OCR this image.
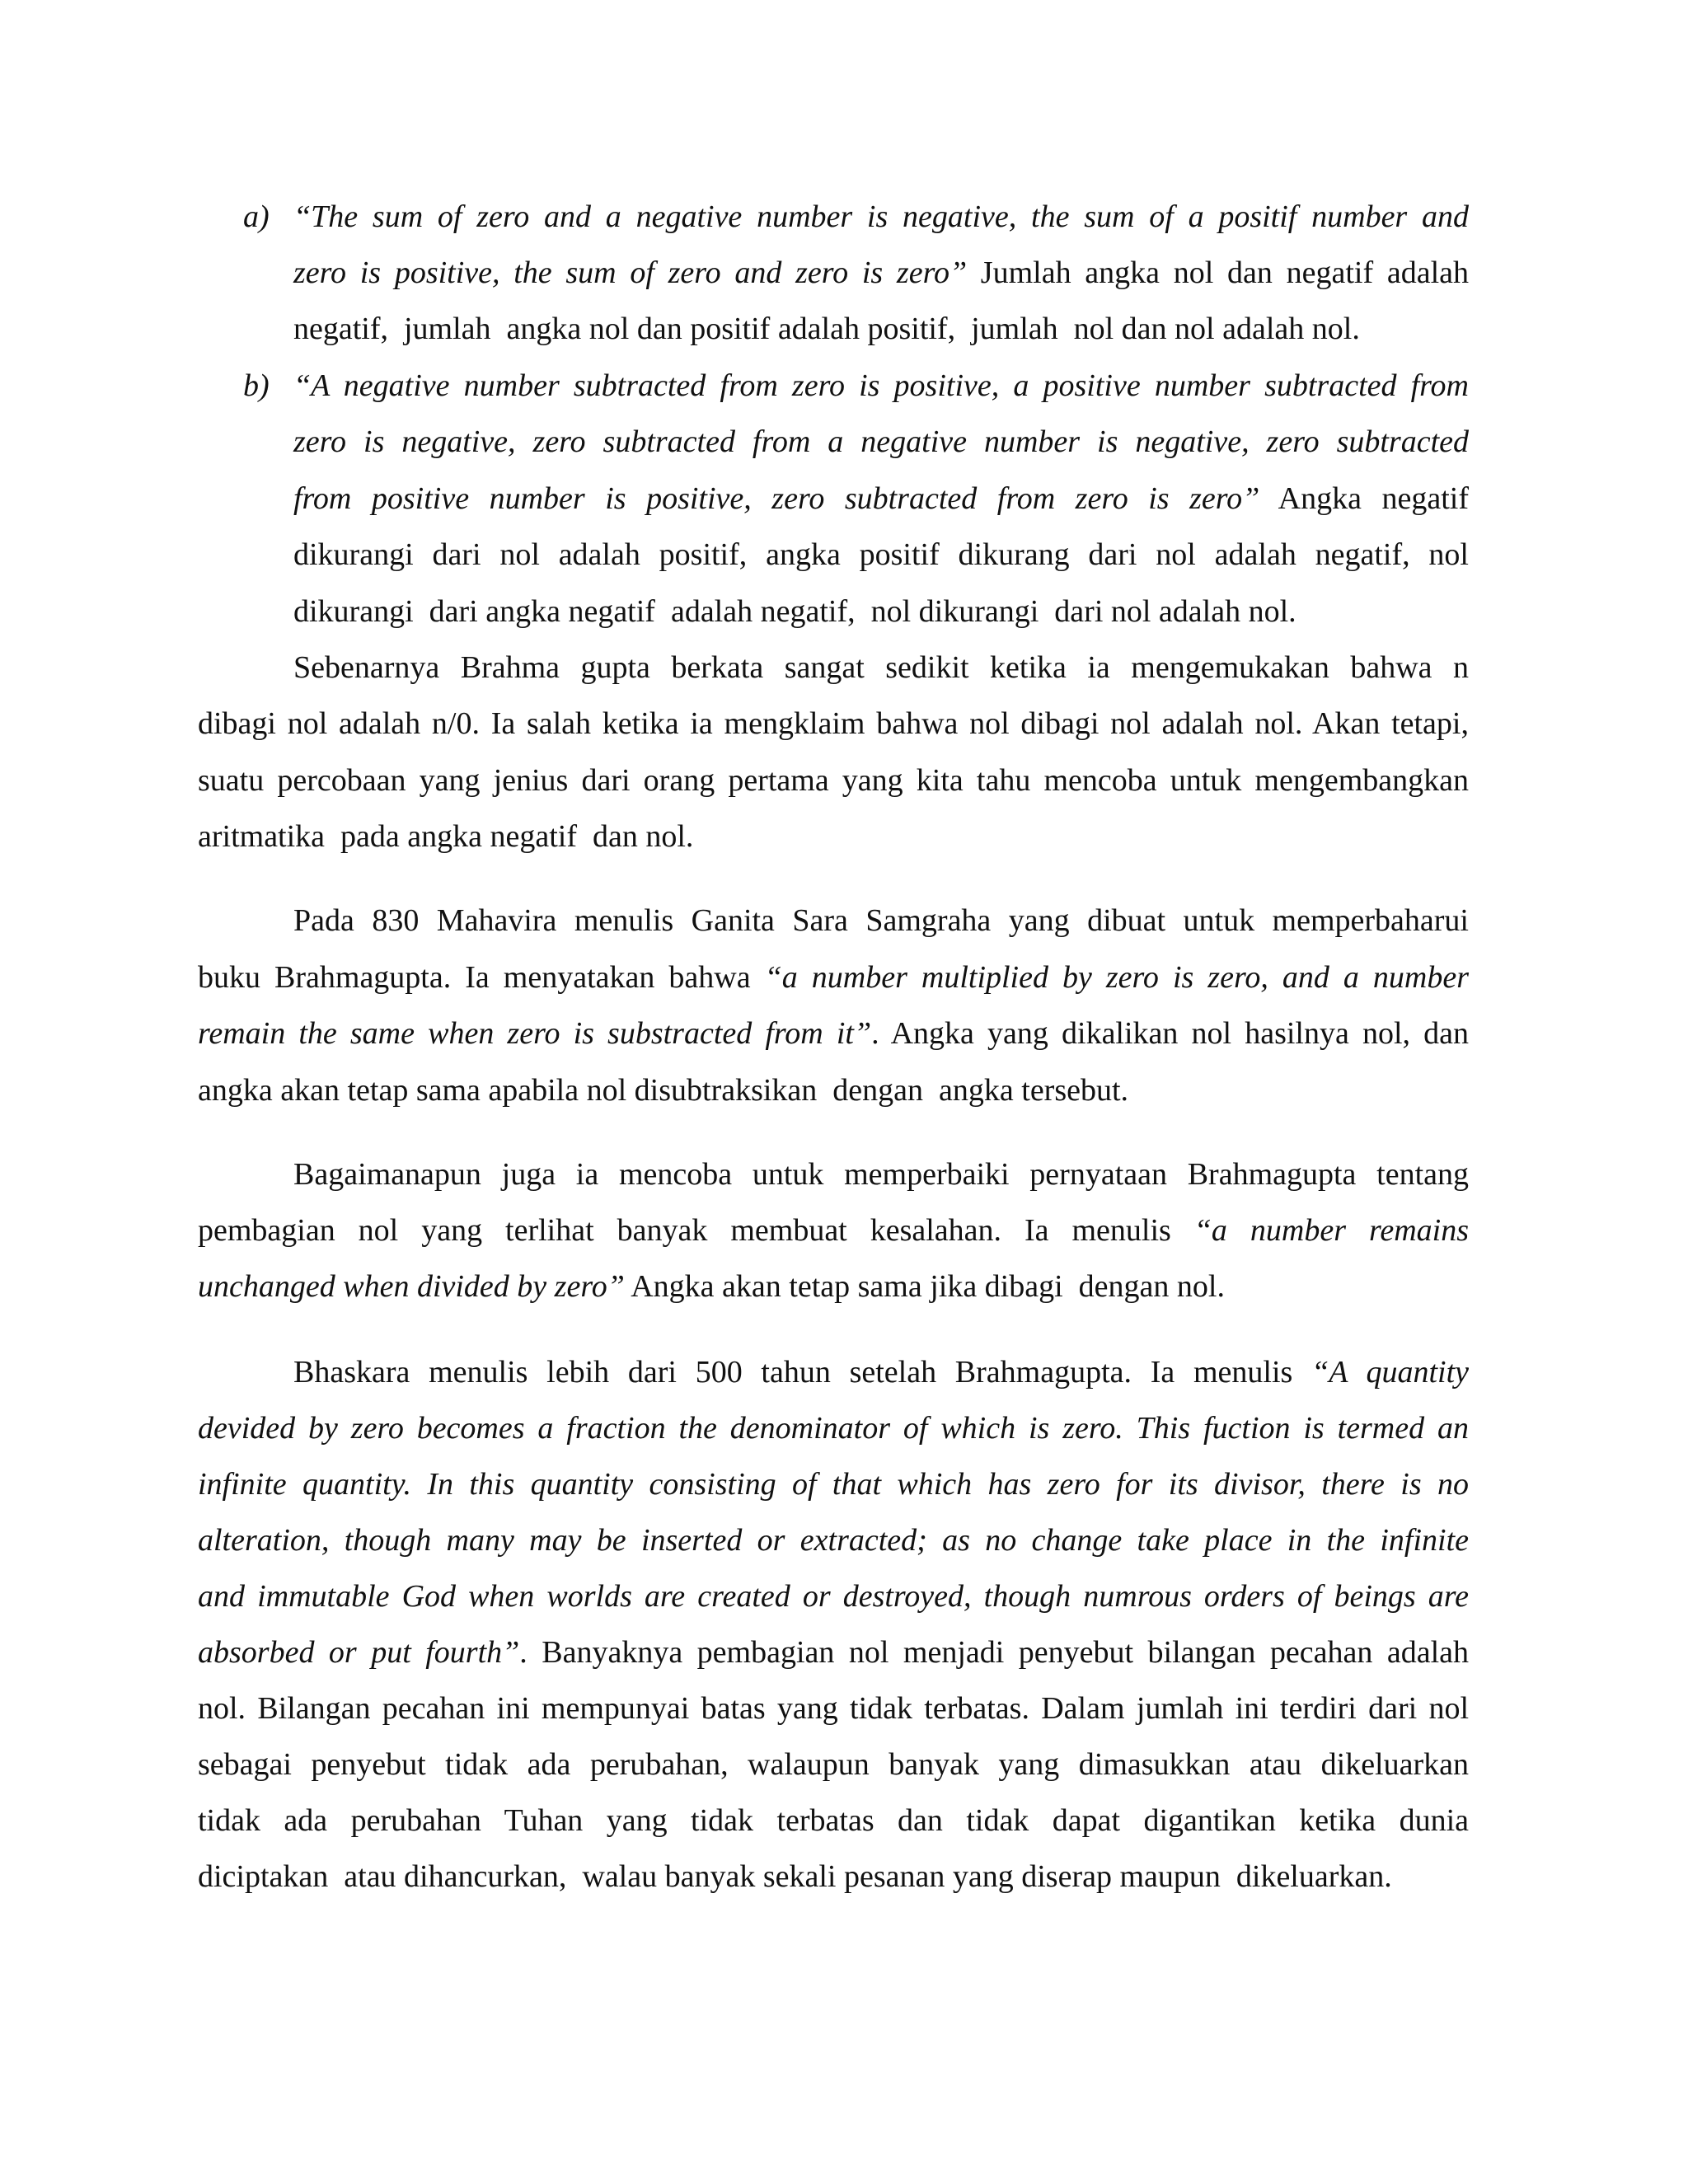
a) “The sum of zero and a negative number is negative, the sum of a positif number and
zero is positive, the sum of zero and zero is zero” Jumlah angka nol dan negatif adalah
negatif,  jumlah  angka nol dan positif adalah positif,  jumlah  nol dan nol adalah nol.
b) “A negative number subtracted from zero is positive, a positive number subtracted from
zero is negative, zero subtracted from a negative number is negative, zero subtracted
from positive number is positive, zero subtracted from zero is zero” Angka negatif
dikurangi dari nol adalah positif, angka positif dikurang dari nol adalah negatif, nol
dikurangi  dari angka negatif  adalah negatif,  nol dikurangi  dari nol adalah nol.
Sebenarnya Brahma gupta berkata sangat sedikit ketika ia mengemukakan bahwa n
dibagi nol adalah n/0. Ia salah ketika ia mengklaim bahwa nol dibagi nol adalah nol. Akan tetapi,
suatu percobaan yang jenius dari orang pertama yang kita tahu mencoba untuk mengembangkan
aritmatika  pada angka negatif  dan nol.
Pada 830 Mahavira menulis Ganita Sara Samgraha yang dibuat untuk memperbaharui
buku Brahmagupta. Ia menyatakan bahwa “a number multiplied by zero is zero, and a number
remain the same when zero is substracted from it”. Angka yang dikalikan nol hasilnya nol, dan
angka akan tetap sama apabila nol disubtraksikan  dengan  angka tersebut.
Bagaimanapun juga ia mencoba untuk memperbaiki pernyataan Brahmagupta tentang
pembagian nol yang terlihat banyak membuat kesalahan. Ia menulis “a number remains
unchanged when divided by zero” Angka akan tetap sama jika dibagi  dengan nol.
Bhaskara menulis lebih dari 500 tahun setelah Brahmagupta. Ia menulis “A quantity
devided by zero becomes a fraction the denominator of which is zero. This fuction is termed an
infinite quantity. In this quantity consisting of that which has zero for its divisor, there is no
alteration, though many may be inserted or extracted; as no change take place in the infinite
and immutable God when worlds are created or destroyed, though numrous orders of beings are
absorbed or put fourth”. Banyaknya pembagian nol menjadi penyebut bilangan pecahan adalah
nol. Bilangan pecahan ini mempunyai batas yang tidak terbatas. Dalam jumlah ini terdiri dari nol
sebagai penyebut tidak ada perubahan, walaupun banyak yang dimasukkan atau dikeluarkan
tidak ada perubahan Tuhan yang tidak terbatas dan tidak dapat digantikan ketika dunia
diciptakan  atau dihancurkan,  walau banyak sekali pesanan yang diserap maupun  dikeluarkan.
